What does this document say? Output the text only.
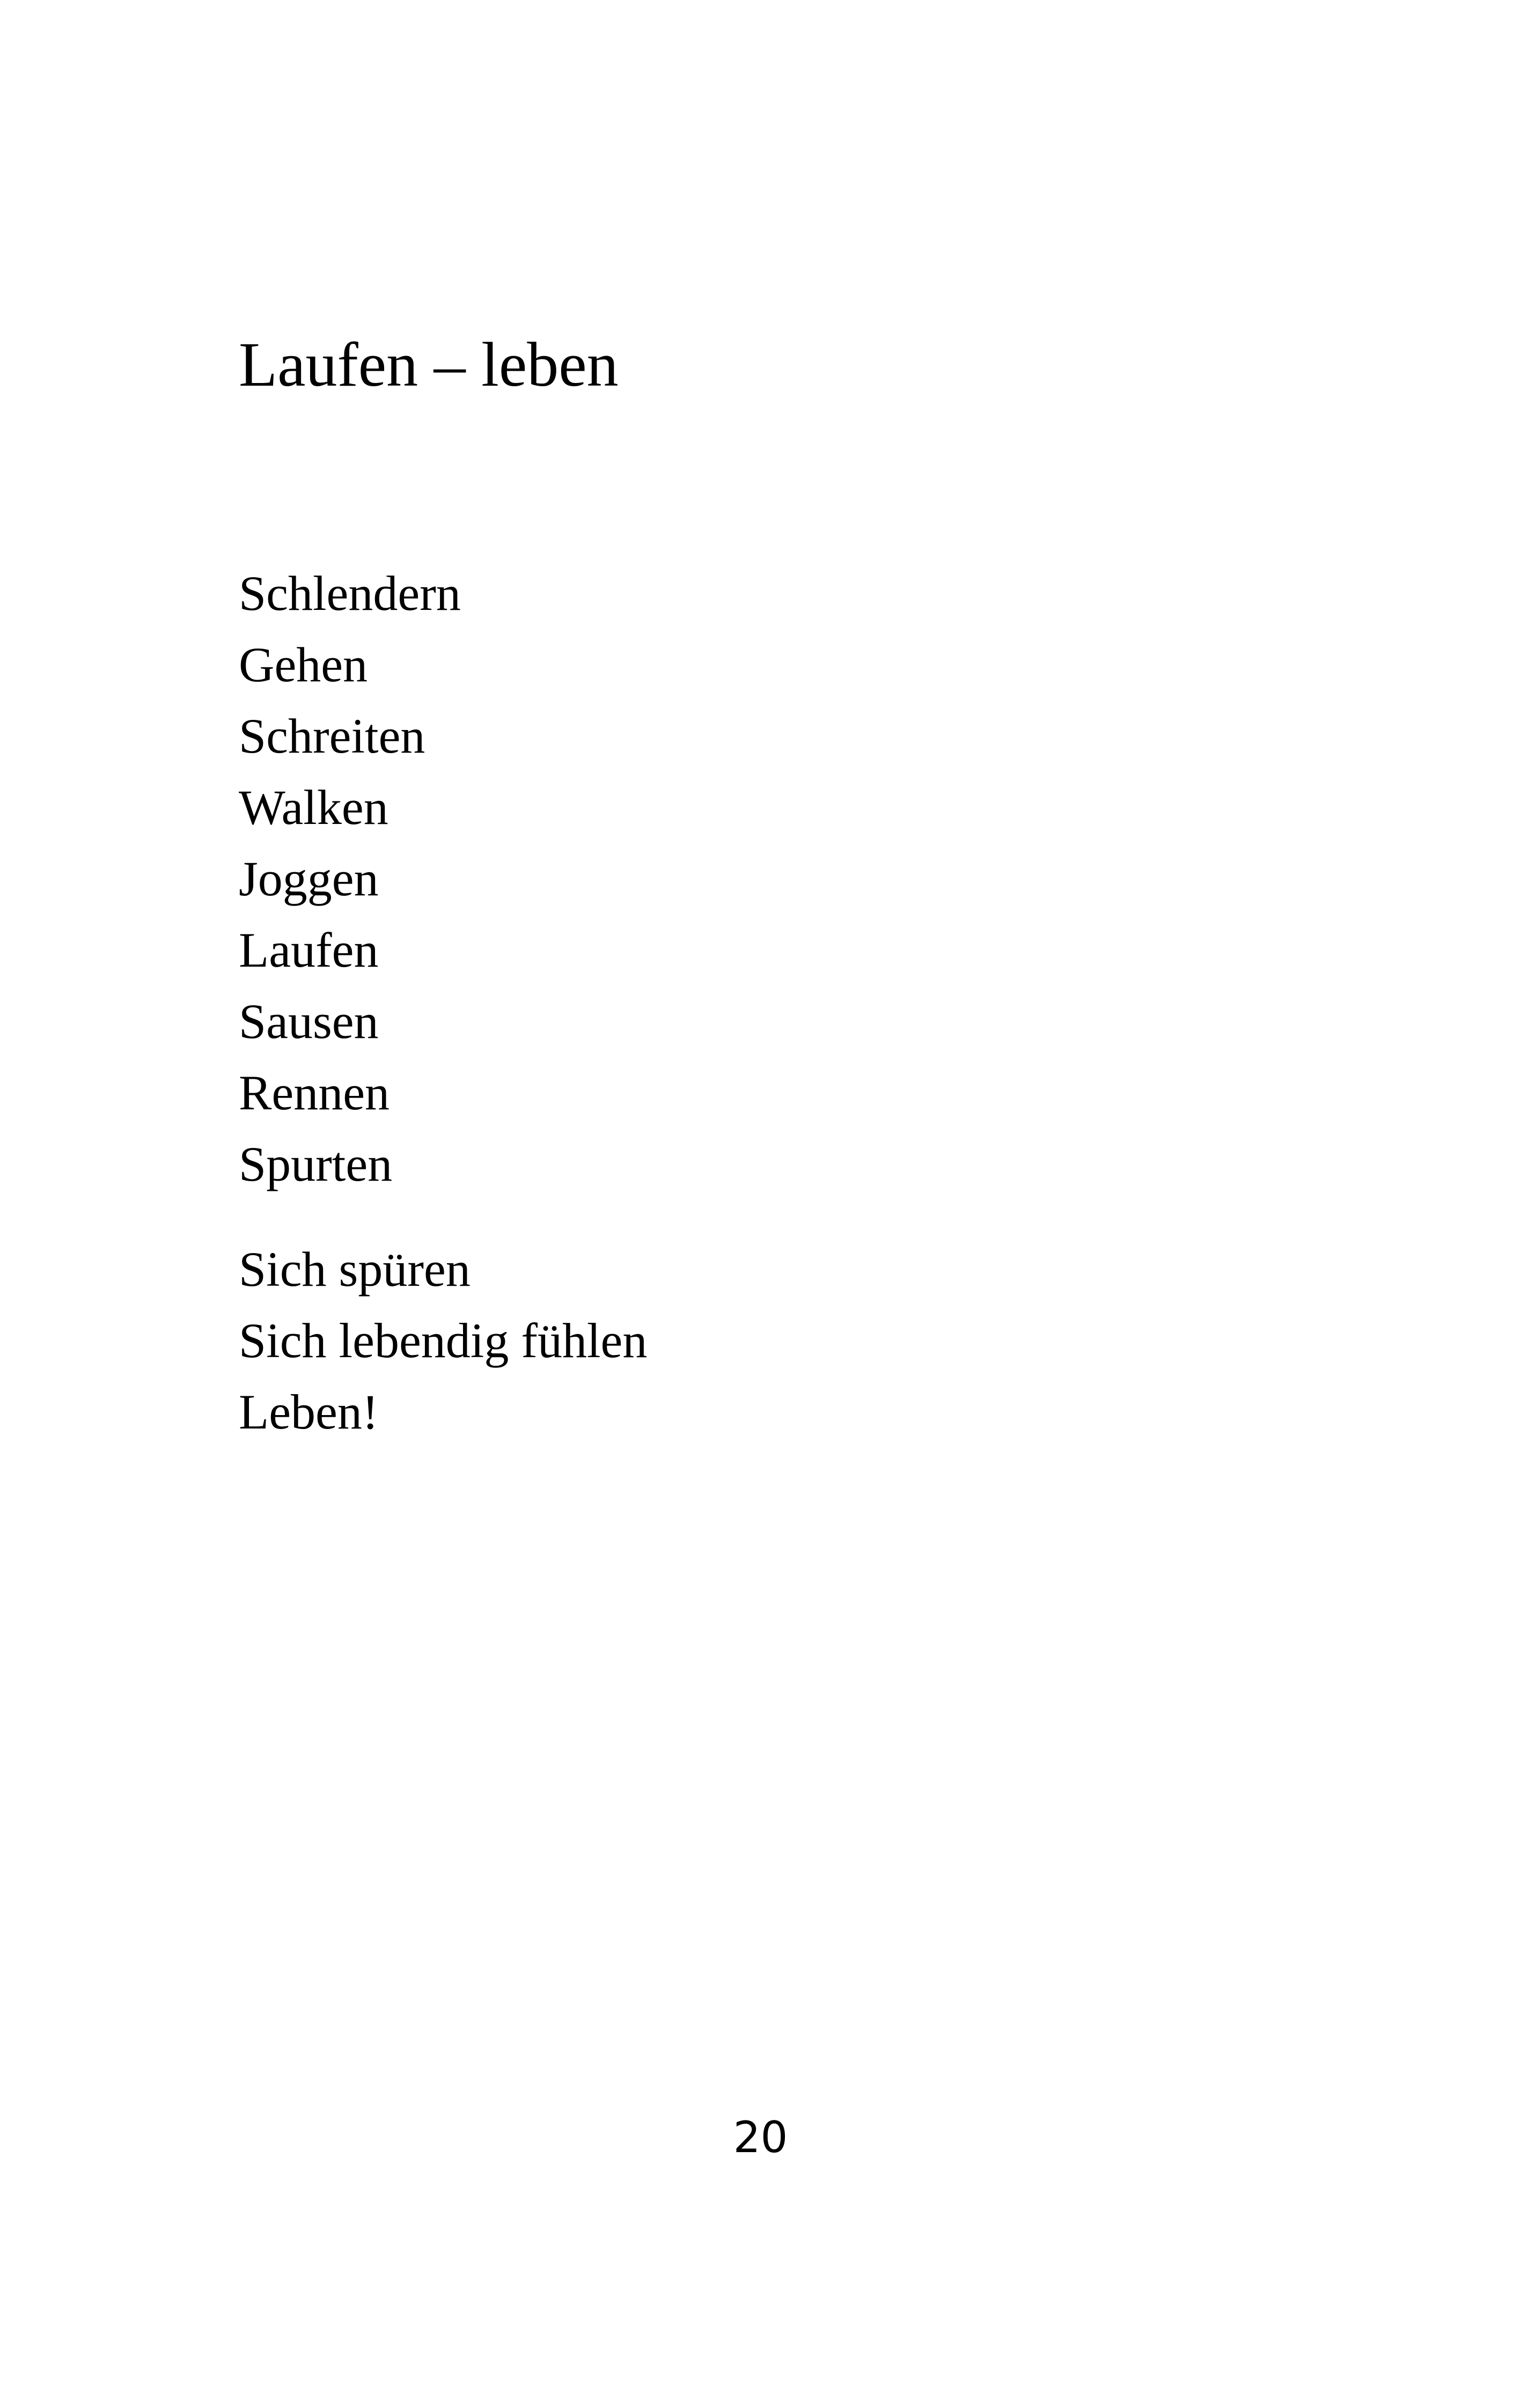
Laufen – leben
Schlendern
Gehen
Schreiten
Walken
Joggen
Laufen
Sausen
Rennen
Spurten
Sich spüren
Sich lebendig fühlen
Leben!
20
